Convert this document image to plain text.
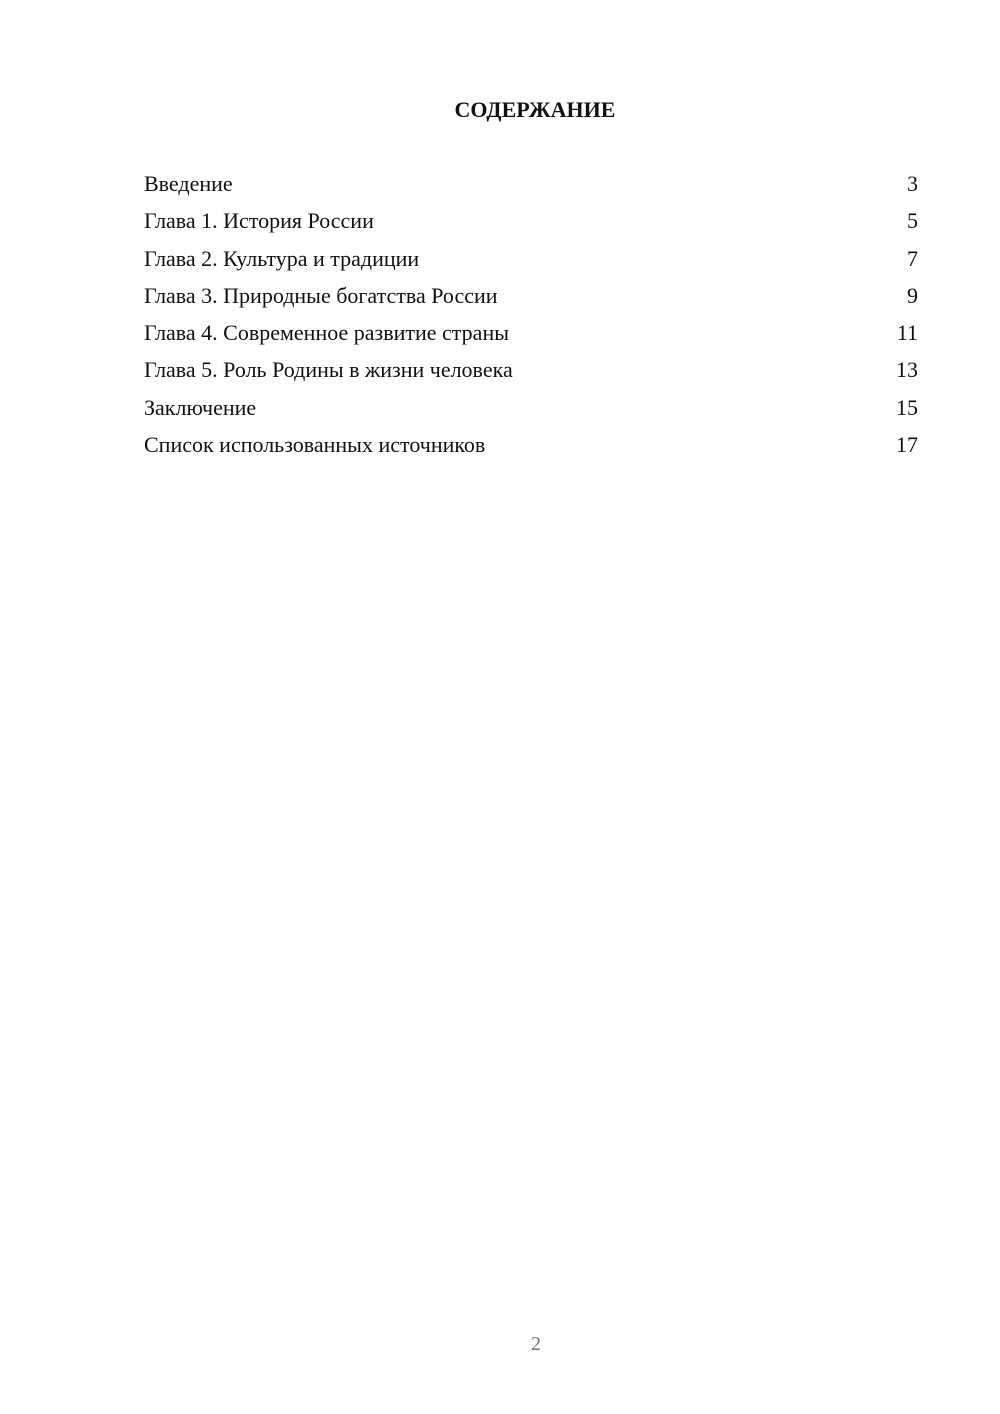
СОДЕРЖАНИЕ
Введение	3
Глава 1. История России	5
Глава 2. Культура и традиции	7
Глава 3. Природные богатства России	9
Глава 4. Современное развитие страны	11
Глава 5. Роль Родины в жизни человека	13
Заключение	15
Список использованных источников	17
2
